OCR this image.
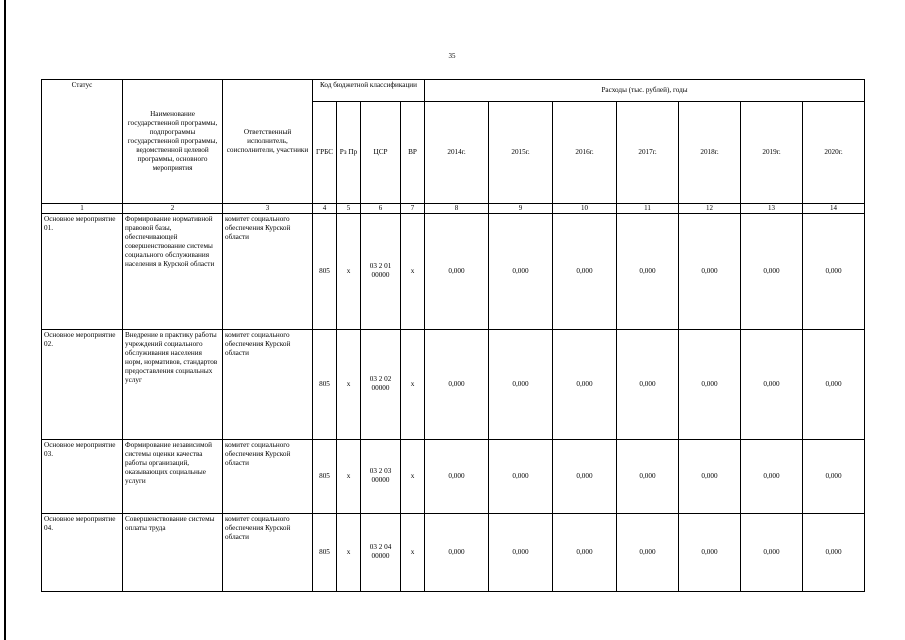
35
Статус	Наименование государственной программы, подпрограммы государственной программы, ведомственной целевой программы, основного мероприятия	Ответственный исполнитель, соисполнители, участники	Код бюджетной классификации				Расходы (тыс. рублей), годы						
			ГРБС	Рз Пр	ЦСР	ВР	2014г.	2015г.	2016г.	2017г.	2018г.	2019г.	2020г.
1	2	3	4	5	6	7	8	9	10	11	12	13	14
Основное мероприятие 01.	Формирование нормативной правовой базы, обеспечивающей совершенствование системы социального обслуживания населения в Курской области	комитет социального обеспечения Курской области	805	х	03 2 01 00000	х	0,000	0,000	0,000	0,000	0,000	0,000	0,000
Основное мероприятие 02.	Внедрение в практику работы учреждений социального обслуживания населения норм, нормативов, стандартов предоставления социальных услуг	комитет социального обеспечения Курской области	805	х	03 2 02 00000	х	0,000	0,000	0,000	0,000	0,000	0,000	0,000
Основное мероприятие 03.	Формирование независимой системы оценки качества работы организаций, оказывающих социальные услуги	комитет социального обеспечения Курской области	805	х	03 2 03 00000	х	0,000	0,000	0,000	0,000	0,000	0,000	0,000
Основное мероприятие 04.	Совершенствование системы оплаты труда	комитет социального обеспечения Курской области	805	х	03 2 04 00000	х	0,000	0,000	0,000	0,000	0,000	0,000	0,000
